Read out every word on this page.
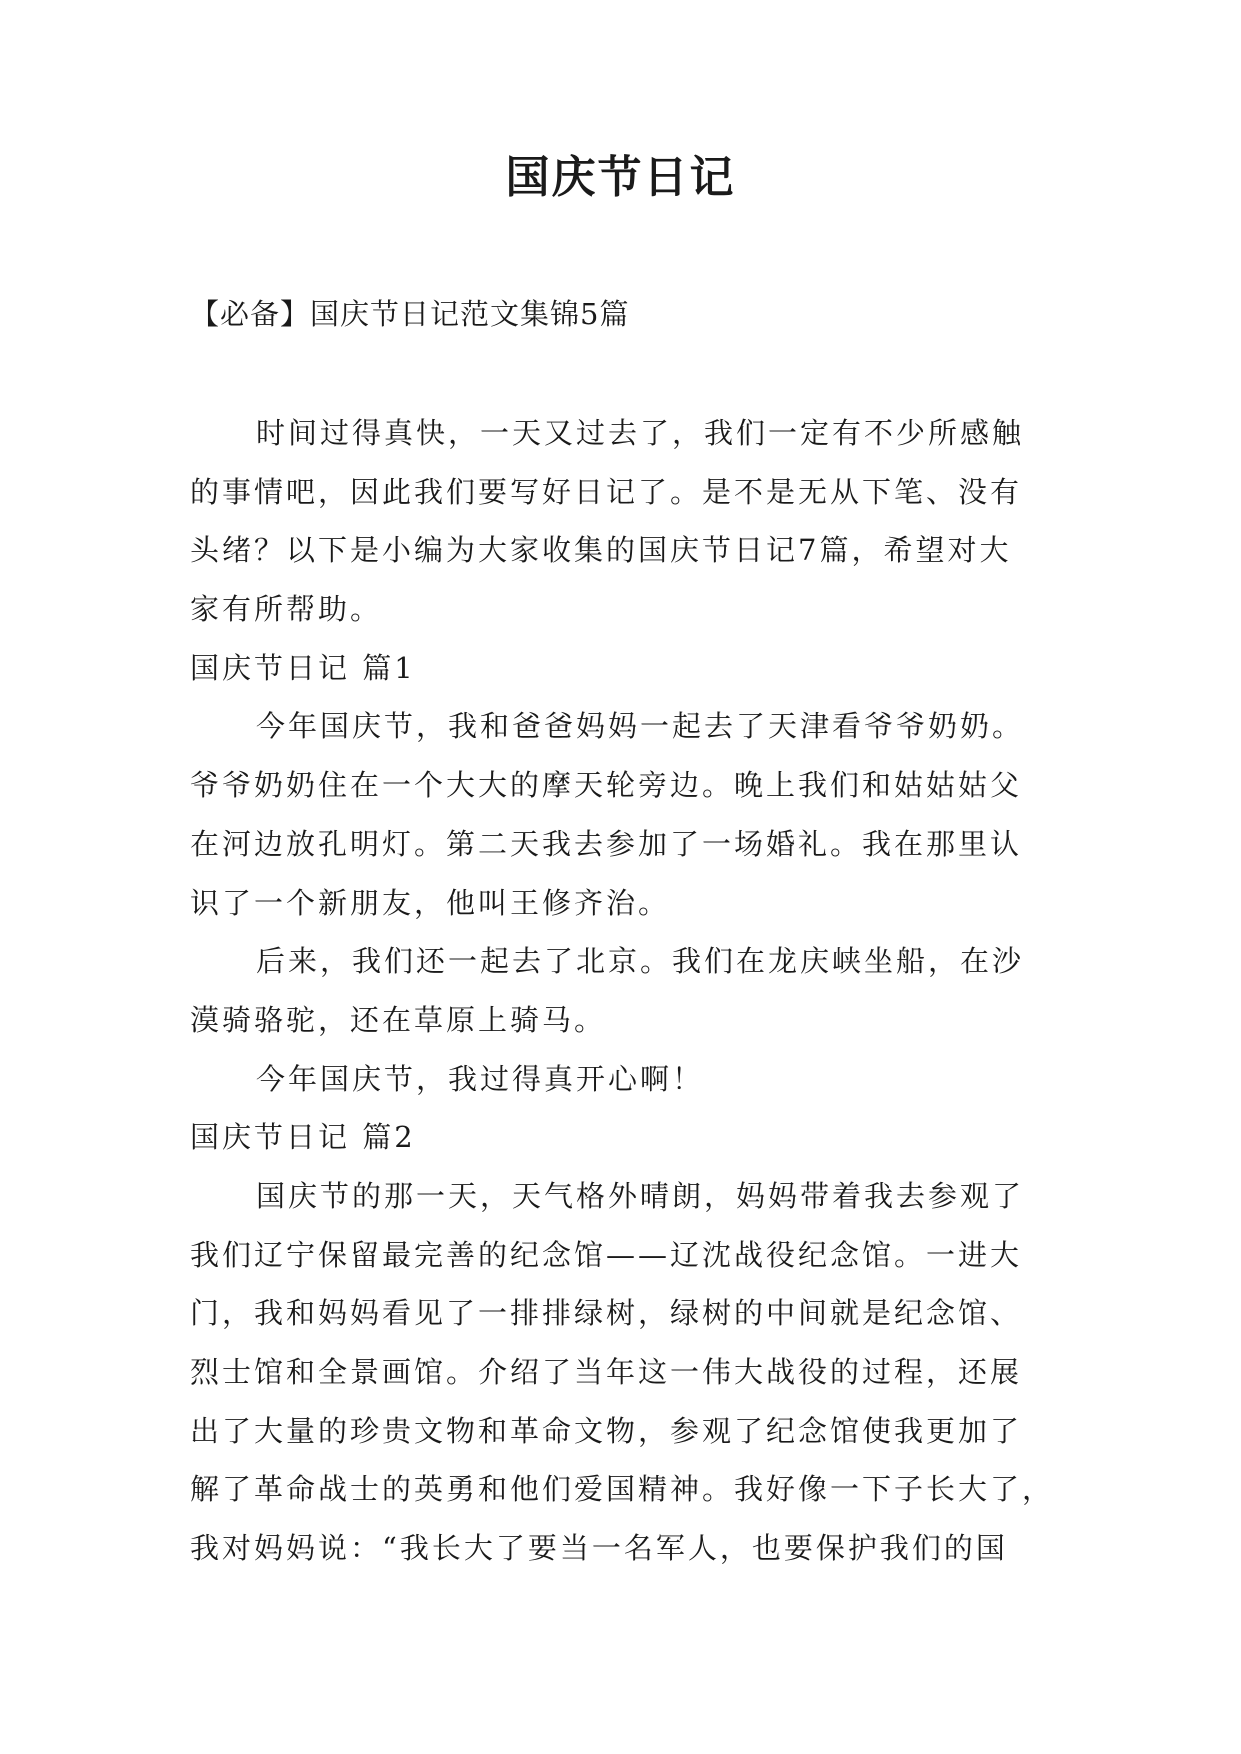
国庆节日记
【必备】国庆节日记范文集锦5篇
时间过得真快，一天又过去了，我们一定有不少所感触
的事情吧，因此我们要写好日记了。是不是无从下笔、没有
头绪？以下是小编为大家收集的国庆节日记7篇，希望对大
家有所帮助。
国庆节日记 篇1
今年国庆节，我和爸爸妈妈一起去了天津看爷爷奶奶。
爷爷奶奶住在一个大大的摩天轮旁边。晚上我们和姑姑姑父
在河边放孔明灯。第二天我去参加了一场婚礼。我在那里认
识了一个新朋友，他叫王修齐治。
后来，我们还一起去了北京。我们在龙庆峡坐船，在沙
漠骑骆驼，还在草原上骑马。
今年国庆节，我过得真开心啊！
国庆节日记 篇2
国庆节的那一天，天气格外晴朗，妈妈带着我去参观了
我们辽宁保留最完善的纪念馆——辽沈战役纪念馆。一进大
门，我和妈妈看见了一排排绿树，绿树的中间就是纪念馆、
烈士馆和全景画馆。介绍了当年这一伟大战役的过程，还展
出了大量的珍贵文物和革命文物，参观了纪念馆使我更加了
解了革命战士的英勇和他们爱国精神。我好像一下子长大了，
我对妈妈说：“我长大了要当一名军人，也要保护我们的国
